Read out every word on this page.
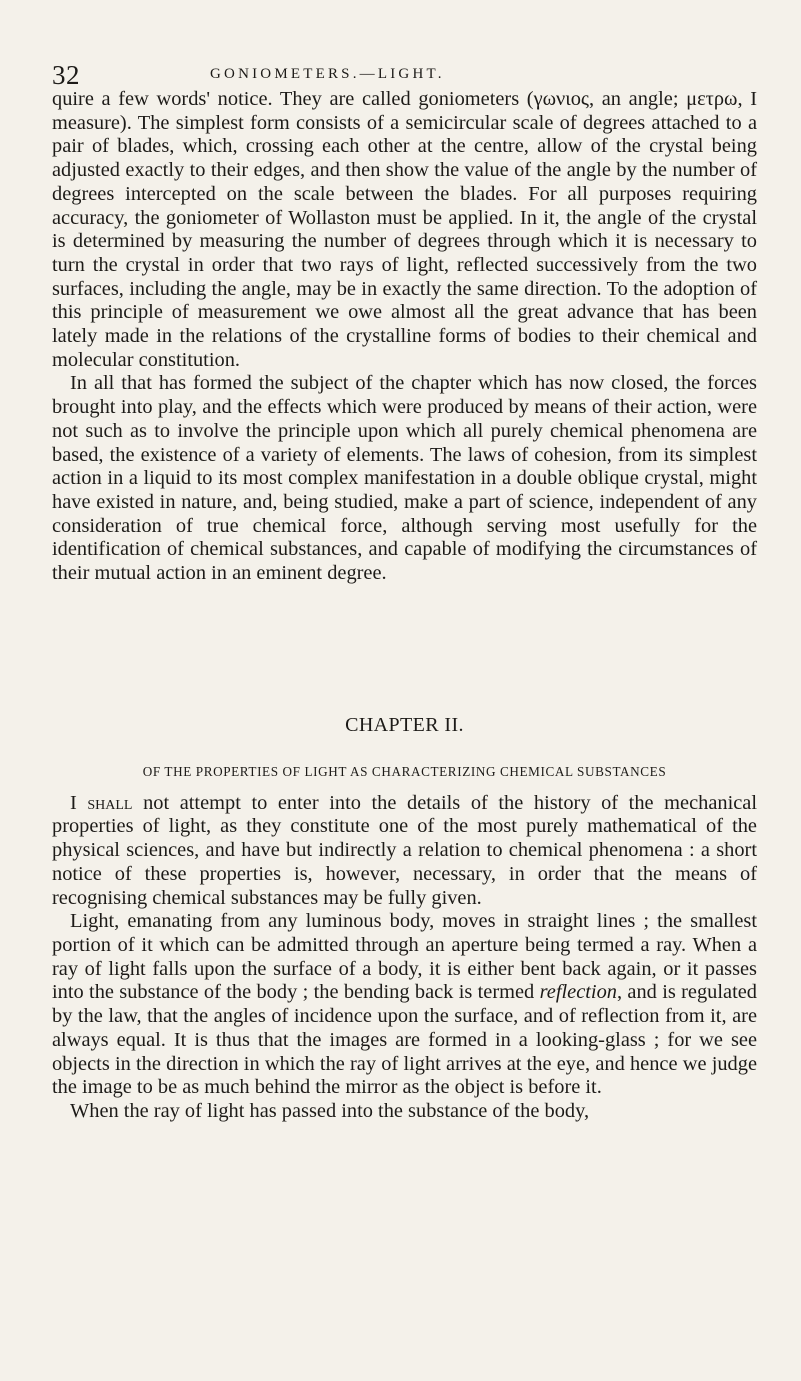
32	GONIOMETERS.—LIGHT.

quire a few words' notice. They are called goniometers (γωνιος, an angle; μετρω, I measure). The simplest form consists of a semicircular scale of degrees attached to a pair of blades, which, crossing each other at the centre, allow of the crystal being adjusted exactly to their edges, and then show the value of the angle by the number of degrees intercepted on the scale between the blades. For all purposes requiring accuracy, the goniometer of Wollaston must be applied. In it, the angle of the crystal is determined by measuring the number of degrees through which it is necessary to turn the crystal in order that two rays of light, reflected successively from the two surfaces, including the angle, may be in exactly the same direction. To the adoption of this principle of measurement we owe almost all the great advance that has been lately made in the relations of the crystalline forms of bodies to their chemical and molecular constitution.

In all that has formed the subject of the chapter which has now closed, the forces brought into play, and the effects which were produced by means of their action, were not such as to involve the principle upon which all purely chemical phenomena are based, the existence of a variety of elements. The laws of cohesion, from its simplest action in a liquid to its most complex manifestation in a double oblique crystal, might have existed in nature, and, being studied, make a part of science, independent of any consideration of true chemical force, although serving most usefully for the identification of chemical substances, and capable of modifying the circumstances of their mutual action in an eminent degree.

CHAPTER II.
OF THE PROPERTIES OF LIGHT AS CHARACTERIZING CHEMICAL SUBSTANCES

I shall not attempt to enter into the details of the history of the mechanical properties of light, as they constitute one of the most purely mathematical of the physical sciences, and have but indirectly a relation to chemical phenomena : a short notice of these properties is, however, necessary, in order that the means of recognising chemical substances may be fully given.

Light, emanating from any luminous body, moves in straight lines ; the smallest portion of it which can be admitted through an aperture being termed a ray. When a ray of light falls upon the surface of a body, it is either bent back again, or it passes into the substance of the body ; the bending back is termed reflection, and is regulated by the law, that the angles of incidence upon the surface, and of reflection from it, are always equal. It is thus that the images are formed in a looking-glass ; for we see objects in the direction in which the ray of light arrives at the eye, and hence we judge the image to be as much behind the mirror as the object is before it.

When the ray of light has passed into the substance of the body,
